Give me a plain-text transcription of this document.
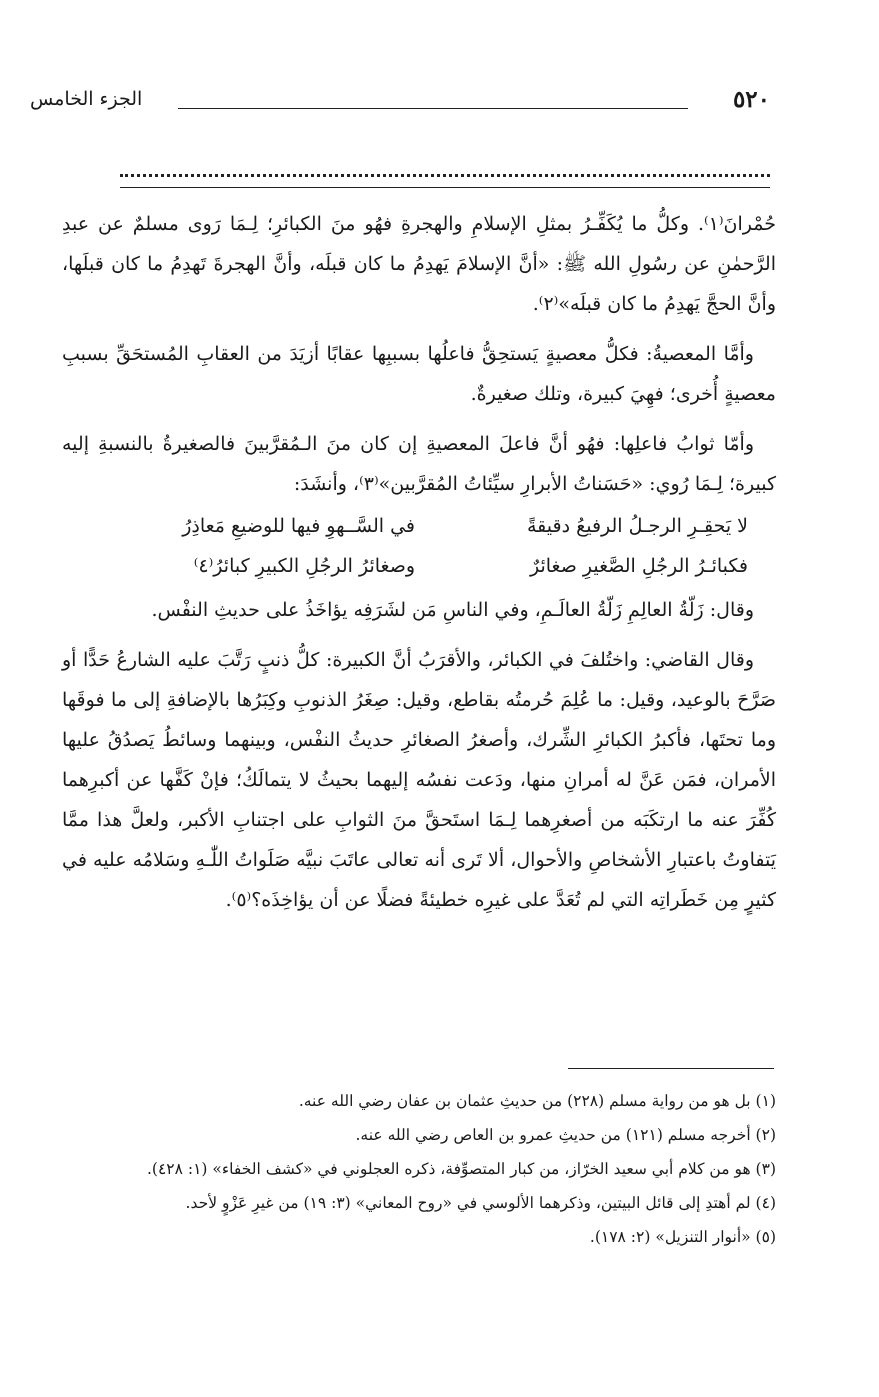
٥٢٠
الجزء الخامس

حُمْرانَ⁽١⁾. وكلُّ ما يُكَفِّـرُ بمثلِ الإسلامِ والهجرةِ فهُو منَ الكبائرِ؛ لِـمَا رَوى مسلمٌ عن عبدِ الرَّحمٰنِ عن رسُولِ الله ﷺ: «أنَّ الإسلامَ يَهدِمُ ما كان قبلَه، وأنَّ الهجرةَ تَهدِمُ ما كان قبلَها، وأنَّ الحجَّ يَهدِمُ ما كان قبلَه»⁽٢⁾.

وأمَّا المعصيةُ: فكلُّ معصيةٍ يَستحِقُّ فاعلُها بسببِها عقابًا أزيَدَ من العقابِ المُستحَقِّ بسببِ معصيةٍ أُخرى؛ فهِيَ كبيرة، وتلك صغيرةٌ.

وأمّا ثوابُ فاعلِها: فهُو أنَّ فاعلَ المعصيةِ إن كان منَ الـمُقرَّبينَ فالصغيرةُ بالنسبةِ إليه كبيرة؛ لِـمَا رُوي: «حَسَناتُ الأبرارِ سيِّئاتُ المُقرَّبين»⁽٣⁾، وأنشَدَ:

لا يَحقِـرِ الرجـلُ الرفيعُ دقيقةً
في السَّــهوِ فيها للوضيعِ مَعاذِرُ
فكبائـرُ الرجُلِ الصَّغيرِ صغائرٌ
وصغائرُ الرجُلِ الكبيرِ كبائرُ⁽٤⁾

وقال: زَلّةُ العالِمِ زَلّةُ العالَـمِ، وفي الناسِ مَن لشَرَفِه يؤاخَذُ على حديثِ النفْس.

وقال القاضي: واختُلفَ في الكبائر، والأقرَبُ أنَّ الكبيرة: كلُّ ذنبٍ رَتَّبَ عليه الشارعُ حَدًّا أو صَرَّحَ بالوعيد، وقيل: ما عُلِمَ حُرمتُه بقاطع، وقيل: صِغَرُ الذنوبِ وكِبَرُها بالإضافةِ إلى ما فوقَها وما تحتَها، فأكبرُ الكبائرِ الشِّرك، وأصغرُ الصغائرِ حديثُ النفْس، وبينهما وسائطُ يَصدُقُ عليها الأمران، فمَن عَنَّ له أمرانِ منها، ودَعت نفسُه إليهما بحيثُ لا يتمالَكُ؛ فإنْ كَفَّها عن أكبرِهما كُفِّرَ عنه ما ارتكَبَه من أصغرِهما لِـمَا استَحقَّ منَ الثوابِ على اجتنابِ الأكبر، ولعلَّ هذا ممَّا يَتفاوتُ باعتبارِ الأشخاصِ والأحوال، ألا تَرى أنه تعالى عاتَبَ نبيَّه صَلَواتُ اللّٰـهِ وسَلامُه عليه في كثيرٍ مِن خَطَراتِه التي لم تُعَدَّ على غيرِه خطيئةً فضلًا عن أن يؤاخِذَه؟⁽٥⁾.

(١) بل هو من رواية مسلم (٢٢٨) من حديثِ عثمان بن عفان رضي الله عنه.

(٢) أخرجه مسلم (١٢١) من حديثِ عمرو بن العاص رضي الله عنه.

(٣) هو من كلام أبي سعيد الخرّاز، من كبار المتصوِّفة، ذكره العجلوني في «كشف الخفاء» (١: ٤٢٨).

(٤) لم أهتدِ إلى قائل البيتين، وذكرهما الألوسي في «روح المعاني» (٣: ١٩) من غيرِ عَزْوٍ لأحد.

(٥) «أنوار التنزيل» (٢: ١٧٨).
